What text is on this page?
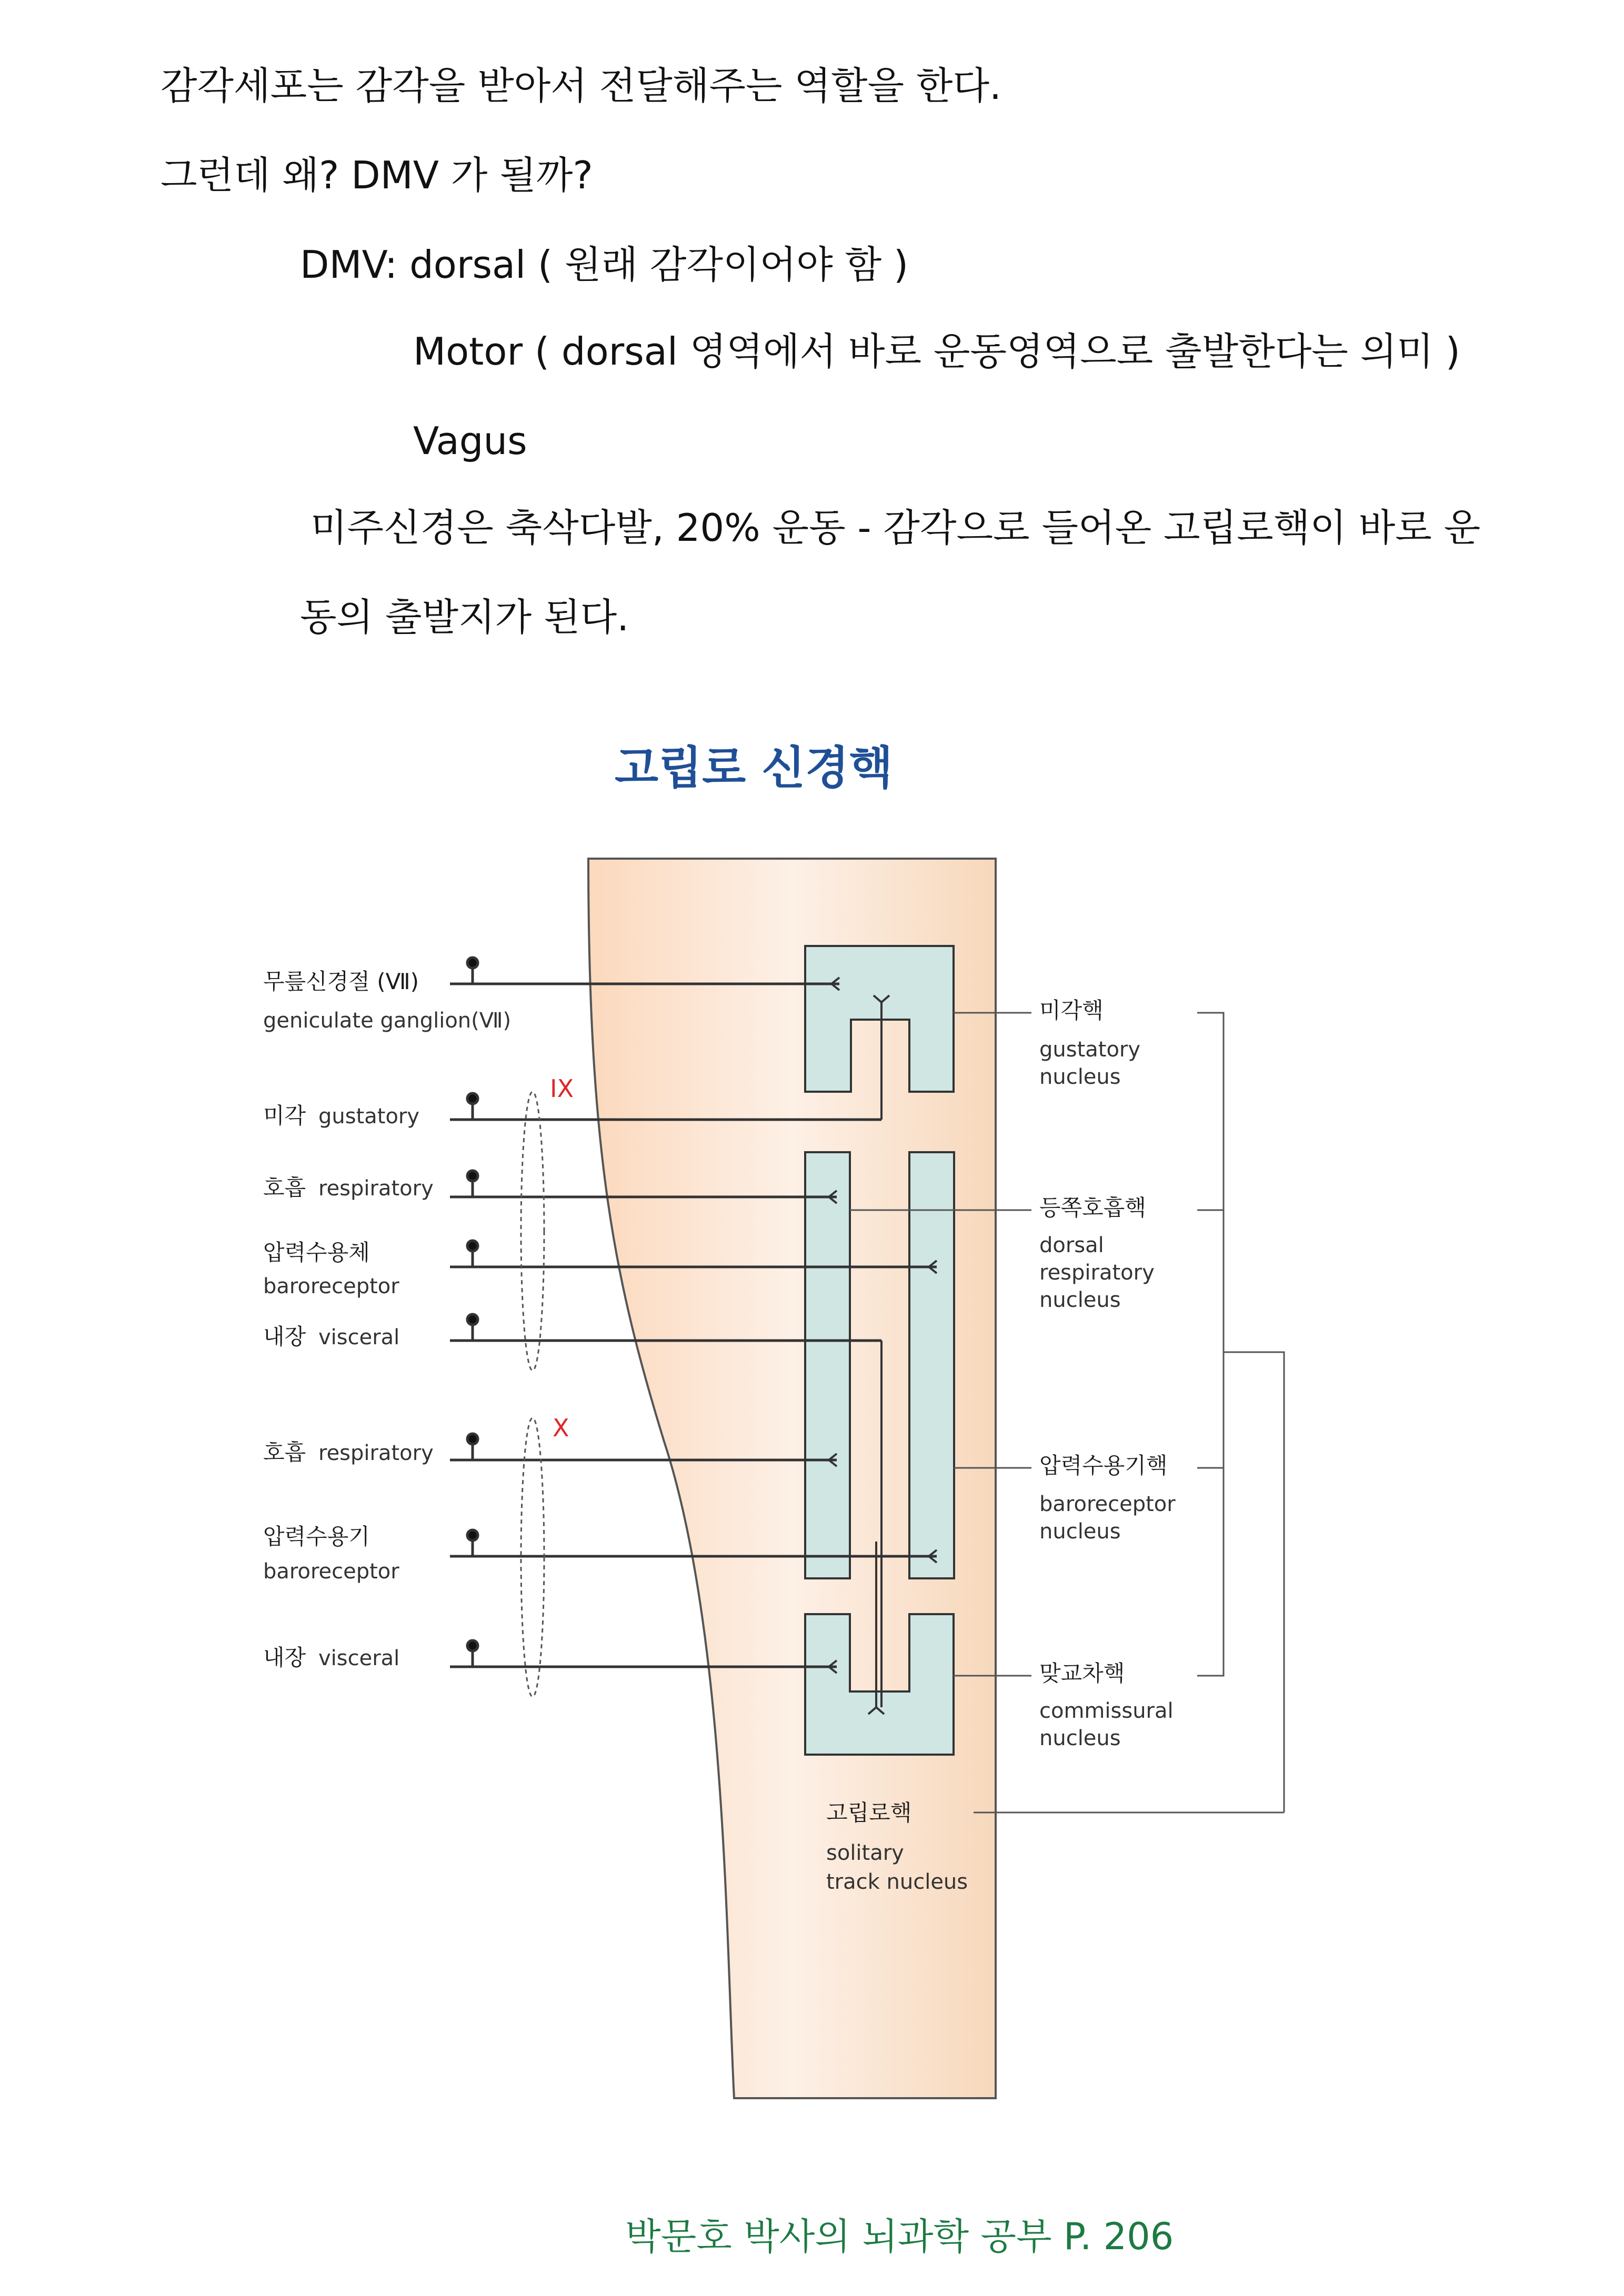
감각세포는 감각을 받아서 전달해주는 역할을 한다.
그런데 왜? DMV 가 될까?
DMV: dorsal ( 원래 감각이어야 함 )
Motor ( dorsal 영역에서 바로 운동영역으로 출발한다는 의미 )
Vagus
미주신경은 축삭다발, 20% 운동 - 감각으로 들어온 고립로핵이 바로 운
동의 출발지가 된다.
고립로 신경핵
무릎신경절 (Ⅶ)
geniculate ganglion(Ⅶ)
미각 gustatory
호흡 respiratory
압력수용체
baroreceptor
내장 visceral
호흡 respiratory
압력수용기
baroreceptor
내장 visceral
IX
X
미각핵
gustatory
nucleus
등쪽호흡핵
dorsal
respiratory
nucleus
압력수용기핵
baroreceptor
nucleus
맞교차핵
commissural
nucleus
고립로핵
solitary
track nucleus
박문호 박사의 뇌과학 공부 P. 206
